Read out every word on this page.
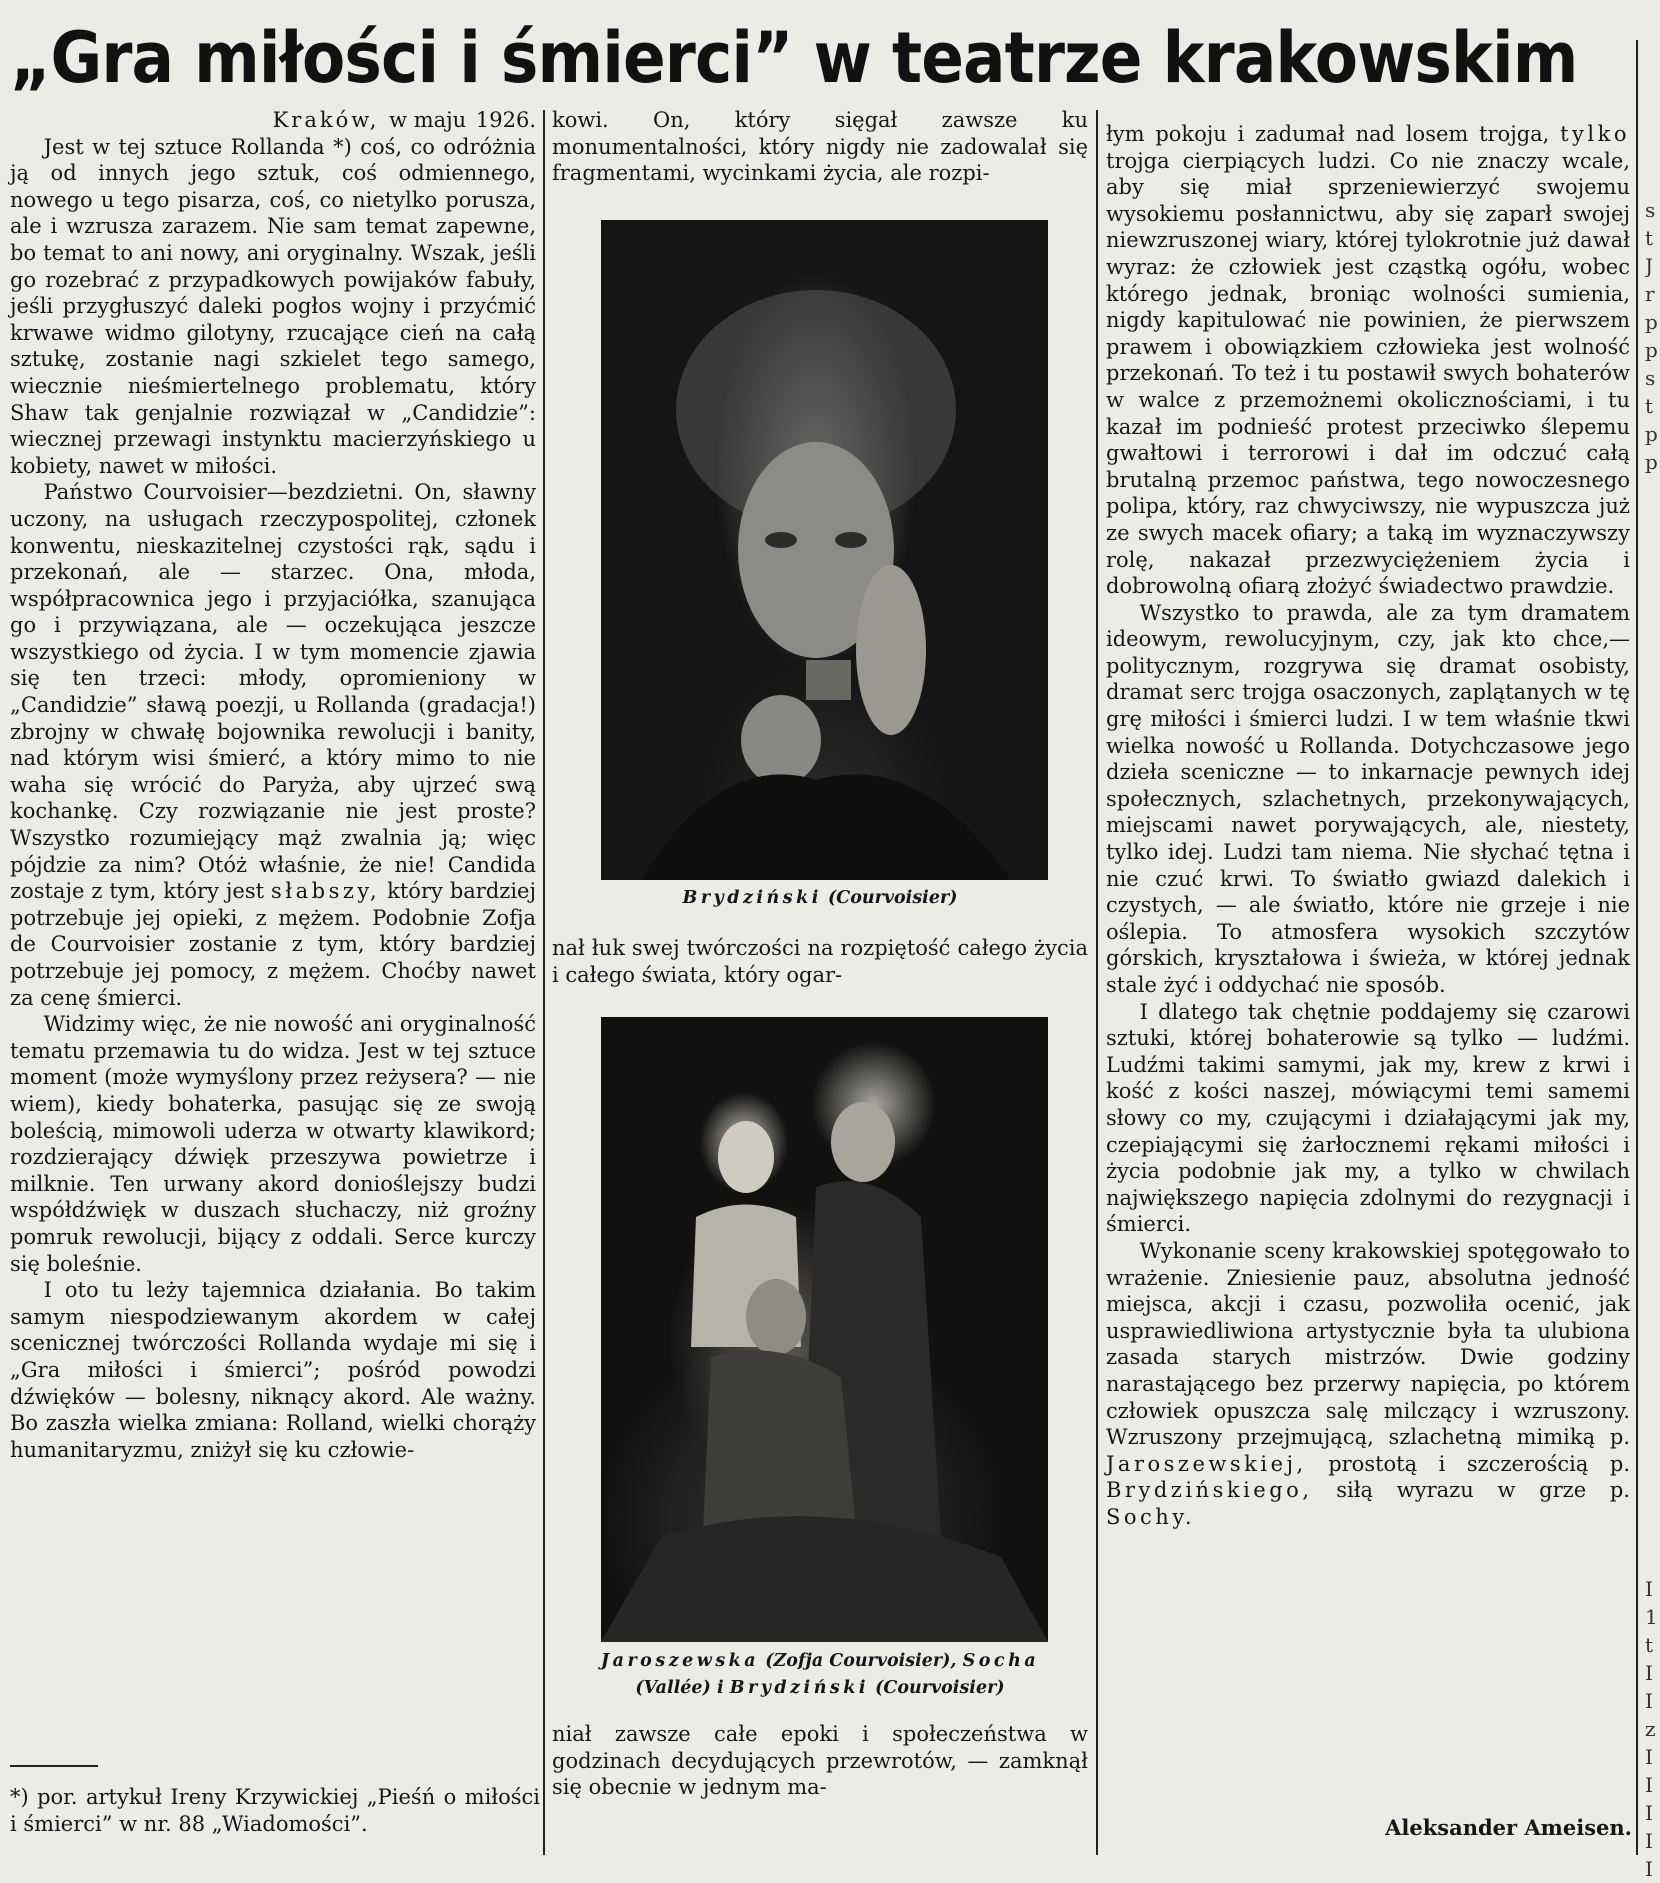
„Gra miłości i śmierci” w teatrze krakowskim
Kraków, w maju 1926.

Jest w tej sztuce Rollanda *) coś, co odróżnia ją od innych jego sztuk, coś odmiennego, nowego u tego pisarza, coś, co nietylko porusza, ale i wzrusza zarazem. Nie sam temat zapewne, bo temat to ani nowy, ani oryginalny. Wszak, jeśli go rozebrać z przypadkowych powijaków fabuły, jeśli przygłuszyć daleki pogłos wojny i przyćmić krwawe widmo gilotyny, rzucające cień na całą sztukę, zostanie nagi szkielet tego samego, wiecznie nieśmiertelnego problematu, który Shaw tak genjalnie rozwiązał w „Candidzie”: wiecznej przewagi instynktu macierzyńskiego u kobiety, nawet w miłości.

Państwo Courvoisier—bezdzietni. On, sławny uczony, na usługach rzeczypospolitej, członek konwentu, nieskazitelnej czystości rąk, sądu i przekonań, ale — starzec. Ona, młoda, współpracownica jego i przyjaciółka, szanująca go i przywiązana, ale — oczekująca jeszcze wszystkiego od życia. I w tym momencie zjawia się ten trzeci: młody, opromieniony w „Candidzie” sławą poezji, u Rollanda (gradacja!) zbrojny w chwałę bojownika rewolucji i banity, nad którym wisi śmierć, a który mimo to nie waha się wrócić do Paryża, aby ujrzeć swą kochankę. Czy rozwiązanie nie jest proste? Wszystko rozumiejący mąż zwalnia ją; więc pójdzie za nim? Otóż właśnie, że nie! Candida zostaje z tym, który jest słabszy, który bardziej potrzebuje jej opieki, z mężem. Podobnie Zofja de Courvoisier zostanie z tym, który bardziej potrzebuje jej pomocy, z mężem. Choćby nawet za cenę śmierci.

Widzimy więc, że nie nowość ani oryginalność tematu przemawia tu do widza. Jest w tej sztuce moment (może wymyślony przez reżysera? — nie wiem), kiedy bohaterka, pasując się ze swoją boleścią, mimowoli uderza w otwarty klawikord; rozdzierający dźwięk przeszywa powietrze i milknie. Ten urwany akord donioślejszy budzi współdźwięk w duszach słuchaczy, niż groźny pomruk rewolucji, bijący z oddali. Serce kurczy się boleśnie.

I oto tu leży tajemnica działania. Bo takim samym niespodziewanym akordem w całej scenicznej twórczości Rollanda wydaje mi się i „Gra miłości i śmierci”; pośród powodzi dźwięków — bolesny, niknący akord. Ale ważny. Bo zaszła wielka zmiana: Rolland, wielki chorąży humanitaryzmu, zniżył się ku człowie-

*) por. artykuł Ireny Krzywickiej „Pieśń o miłości i śmierci” w nr. 88 „Wiadomości”.

kowi. On, który sięgał zawsze ku monumentalności, który nigdy nie zadowalał się fragmentami, wycinkami życia, ale rozpi-

Brydziński (Courvoisier)

nał łuk swej twórczości na rozpiętość całego życia i całego świata, który ogar-

Jaroszewska (Zofja Courvoisier), Socha
(Vallée) i Brydziński (Courvoisier)

niał zawsze całe epoki i społeczeństwa w godzinach decydujących przewrotów, — zamknął się obecnie w jednym ma-

łym pokoju i zadumał nad losem trojga, tylko trojga cierpiących ludzi. Co nie znaczy wcale, aby się miał sprzeniewierzyć swojemu wysokiemu posłannictwu, aby się zaparł swojej niewzruszonej wiary, której tylokrotnie już dawał wyraz: że człowiek jest cząstką ogółu, wobec którego jednak, broniąc wolności sumienia, nigdy kapitulować nie powinien, że pierwszem prawem i obowiązkiem człowieka jest wolność przekonań. To też i tu postawił swych bohaterów w walce z przemożnemi okolicznościami, i tu kazał im podnieść protest przeciwko ślepemu gwałtowi i terrorowi i dał im odczuć całą brutalną przemoc państwa, tego nowoczesnego polipa, który, raz chwyciwszy, nie wypuszcza już ze swych macek ofiary; a taką im wyznaczywszy rolę, nakazał przezwyciężeniem życia i dobrowolną ofiarą złożyć świadectwo prawdzie.

Wszystko to prawda, ale za tym dramatem ideowym, rewolucyjnym, czy, jak kto chce,—politycznym, rozgrywa się dramat osobisty, dramat serc trojga osaczonych, zaplątanych w tę grę miłości i śmierci ludzi. I w tem właśnie tkwi wielka nowość u Rollanda. Dotychczasowe jego dzieła sceniczne — to inkarnacje pewnych idej społecznych, szlachetnych, przekonywających, miejscami nawet porywających, ale, niestety, tylko idej. Ludzi tam niema. Nie słychać tętna i nie czuć krwi. To światło gwiazd dalekich i czystych, — ale światło, które nie grzeje i nie oślepia. To atmosfera wysokich szczytów górskich, kryształowa i świeża, w której jednak stale żyć i oddychać nie sposób.

I dlatego tak chętnie poddajemy się czarowi sztuki, której bohaterowie są tylko — ludźmi. Ludźmi takimi samymi, jak my, krew z krwi i kość z kości naszej, mówiącymi temi samemi słowy co my, czującymi i działającymi jak my, czepiającymi się żarłocznemi rękami miłości i życia podobnie jak my, a tylko w chwilach największego napięcia zdolnymi do rezygnacji i śmierci.

Wykonanie sceny krakowskiej spotęgowało to wrażenie. Zniesienie pauz, absolutna jedność miejsca, akcji i czasu, pozwoliła ocenić, jak usprawiedliwiona artystycznie była ta ulubiona zasada starych mistrzów. Dwie godziny narastającego bez przerwy napięcia, po którem człowiek opuszcza salę milczący i wzruszony. Wzruszony przejmującą, szlachetną mimiką p. Jaroszewskiej, prostotą i szczerością p. Brydzińskiego, siłą wyrazu w grze p. Sochy.

Aleksander Ameisen.
s
t
J
r
p
p
s
t
p
p
I
1
t
I
I
z
I
I
I
I
I
